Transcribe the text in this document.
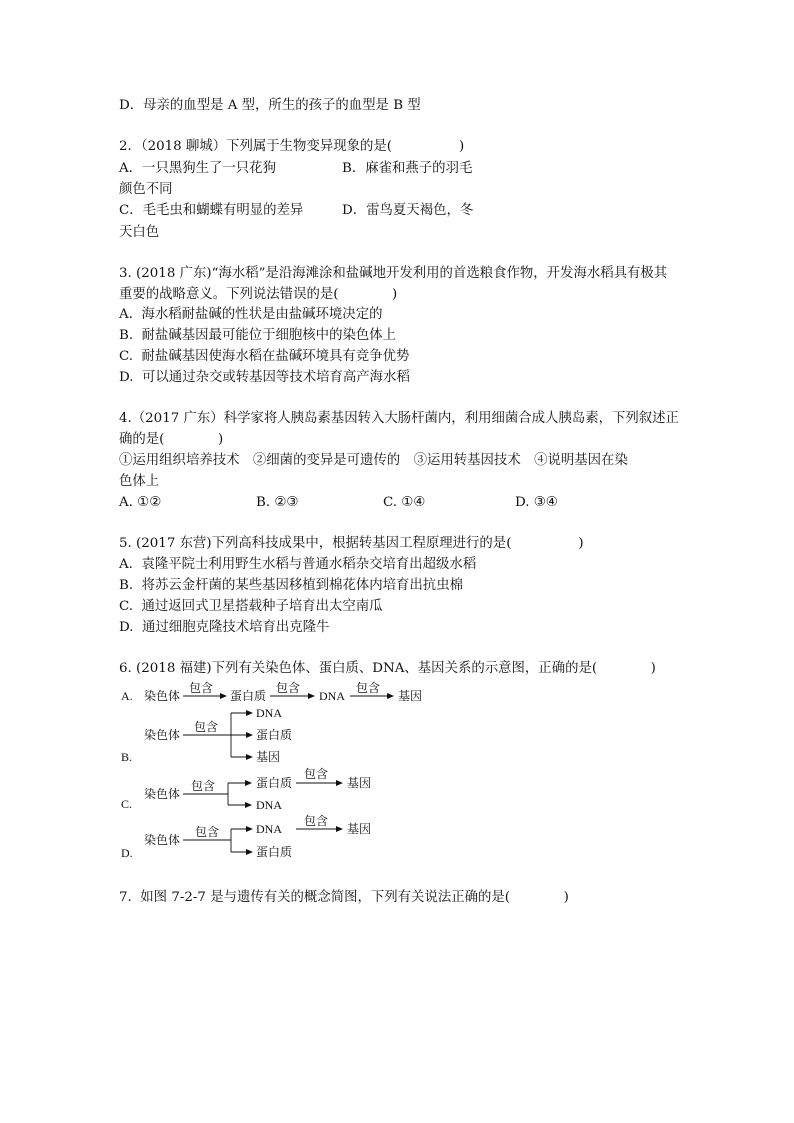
D．母亲的血型是 A 型，所生的孩子的血型是 B 型
2．（2018 聊城）下列属于生物变异现象的是(　　　　　)
A．一只黑狗生了一只花狗	B．麻雀和燕子的羽毛
颜色不同
C．毛毛虫和蝴蝶有明显的差异	D．雷鸟夏天褐色，冬
天白色
3. (2018 广东)“海水稻”是沿海滩涂和盐碱地开发利用的首选粮食作物，开发海水稻具有极其
重要的战略意义。下列说法错误的是(　　　　)
A.  海水稻耐盐碱的性状是由盐碱环境决定的
B.  耐盐碱基因最可能位于细胞核中的染色体上
C.  耐盐碱基因使海水稻在盐碱环境具有竞争优势
D.  可以通过杂交或转基因等技术培育高产海水稻
4.（2017 广东）科学家将人胰岛素基因转入大肠杆菌内，利用细菌合成人胰岛素，下列叙述正
确的是(　　　　)
①运用组织培养技术　②细菌的变异是可遗传的　③运用转基因技术　④说明基因在染
色体上
A. ①②	B. ②③	C. ①④	D. ③④
5. (2017 东营)下列高科技成果中，根据转基因工程原理进行的是(　　　　　)
A.  袁隆平院士利用野生水稻与普通水稻杂交培育出超级水稻
B.  将苏云金杆菌的某些基因移植到棉花体内培育出抗虫棉
C.  通过返回式卫星搭载种子培育出太空南瓜
D.  通过细胞克隆技术培育出克隆牛
6. (2018 福建)下列有关染色体、蛋白质、DNA、基因关系的示意图，正确的是(　　　　)
A. 染色体
包含
蛋白质
包含
DNA
包含
基因
B.
染色体
包含
DNA
蛋白质
基因
C.
染色体
包含	蛋白质
DNA
包含
基因
D.
染色体
包含	DNA
蛋白质
包含
基因
7.  如图 7-2-7 是与遗传有关的概念简图，下列有关说法正确的是(　　　　)
